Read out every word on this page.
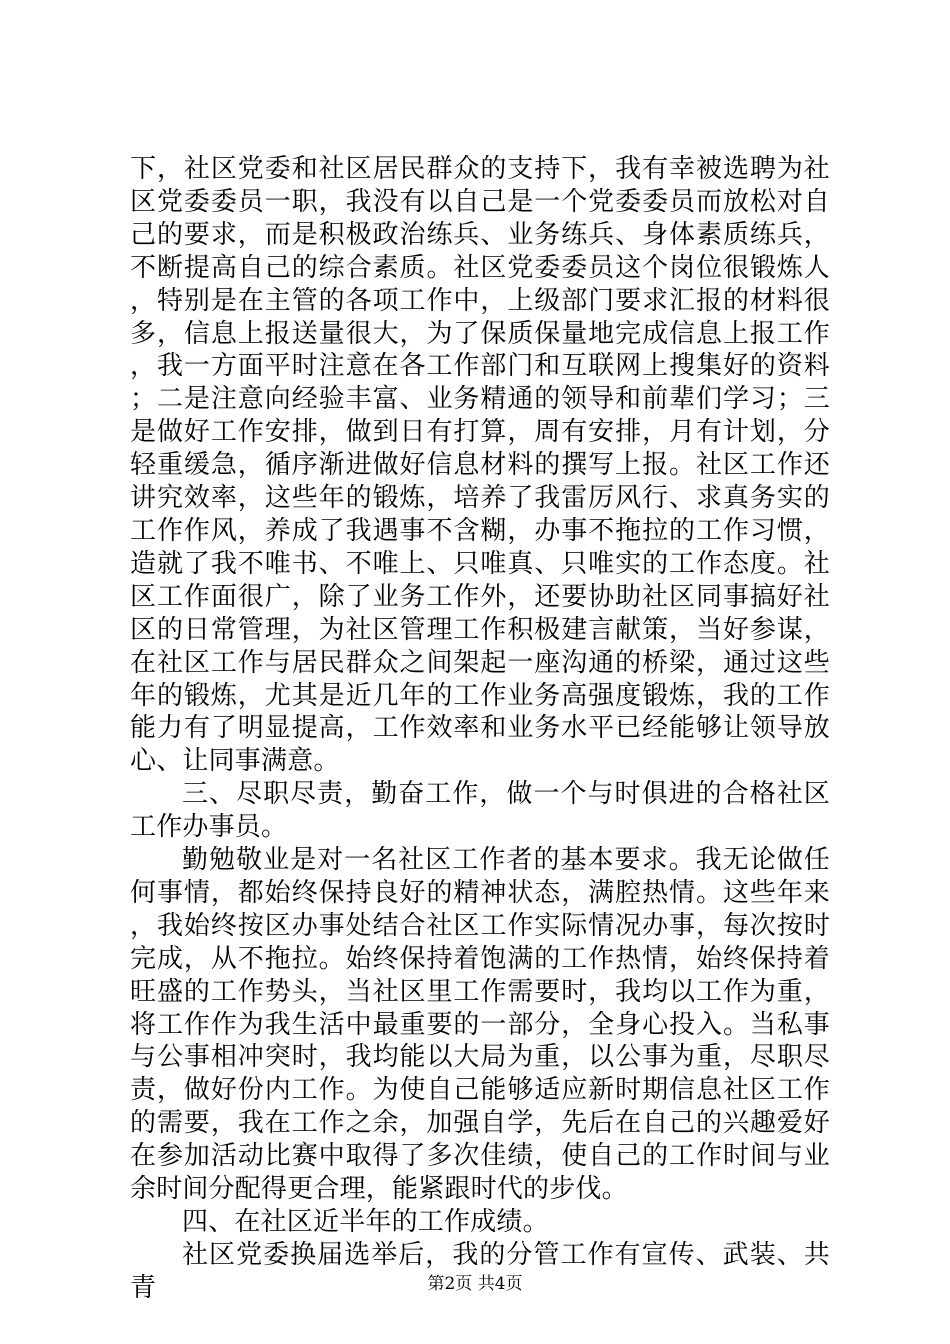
下，社区党委和社区居民群众的支持下，我有幸被选聘为社区党委委员一职，我没有以自己是一个党委委员而放松对自己的要求，而是积极政治练兵、业务练兵、身体素质练兵，不断提高自己的综合素质。社区党委委员这个岗位很锻炼人，特别是在主管的各项工作中，上级部门要求汇报的材料很多，信息上报送量很大，为了保质保量地完成信息上报工作，我一方面平时注意在各工作部门和互联网上搜集好的资料；二是注意向经验丰富、业务精通的领导和前辈们学习；三是做好工作安排，做到日有打算，周有安排，月有计划，分轻重缓急，循序渐进做好信息材料的撰写上报。社区工作还讲究效率，这些年的锻炼，培养了我雷厉风行、求真务实的工作作风，养成了我遇事不含糊，办事不拖拉的工作习惯，造就了我不唯书、不唯上、只唯真、只唯实的工作态度。社区工作面很广，除了业务工作外，还要协助社区同事搞好社区的日常管理，为社区管理工作积极建言献策，当好参谋，在社区工作与居民群众之间架起一座沟通的桥梁，通过这些年的锻炼，尤其是近几年的工作业务高强度锻炼，我的工作能力有了明显提高，工作效率和业务水平已经能够让领导放心、让同事满意。

三、尽职尽责，勤奋工作，做一个与时俱进的合格社区工作办事员。

勤勉敬业是对一名社区工作者的基本要求。我无论做任何事情，都始终保持良好的精神状态，满腔热情。这些年来，我始终按区办事处结合社区工作实际情况办事，每次按时完成，从不拖拉。始终保持着饱满的工作热情，始终保持着旺盛的工作势头，当社区里工作需要时，我均以工作为重，将工作作为我生活中最重要的一部分，全身心投入。当私事与公事相冲突时，我均能以大局为重，以公事为重，尽职尽责，做好份内工作。为使自己能够适应新时期信息社区工作的需要，我在工作之余，加强自学，先后在自己的兴趣爱好在参加活动比赛中取得了多次佳绩，使自己的工作时间与业余时间分配得更合理，能紧跟时代的步伐。

四、在社区近半年的工作成绩。

社区党委换届选举后，我的分管工作有宣传、武装、共青	第2页 共4页
